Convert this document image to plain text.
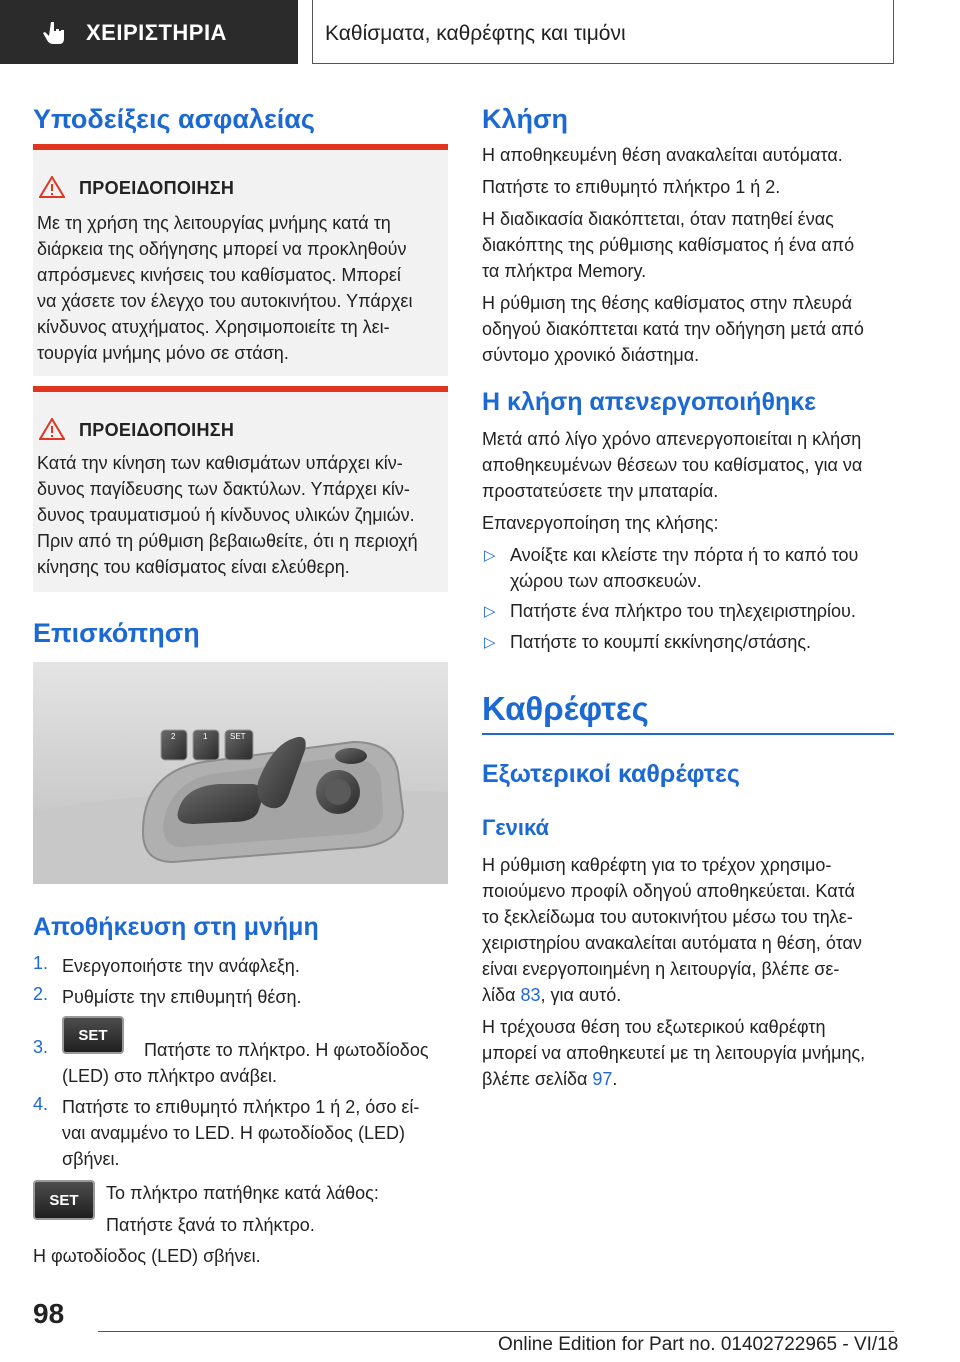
ΧΕΙΡΙΣΤΗΡΙΑ	Καθίσματα, καθρέφτης και τιμόνι
Υποδείξεις ασφαλείας
ΠΡΟΕΙΔΟΠΟΙΗΣΗ
Με τη χρήση της λειτουργίας μνήμης κατά τη
διάρκεια της οδήγησης μπορεί να προκληθούν
απρόσμενες κινήσεις του καθίσματος. Μπορεί
να χάσετε τον έλεγχο του αυτοκινήτου. Υπάρχει
κίνδυνος ατυχήματος. Χρησιμοποιείτε τη λει-
τουργία μνήμης μόνο σε στάση.
ΠΡΟΕΙΔΟΠΟΙΗΣΗ
Κατά την κίνηση των καθισμάτων υπάρχει κίν-
δυνος παγίδευσης των δακτύλων. Υπάρχει κίν-
δυνος τραυματισμού ή κίνδυνος υλικών ζημιών.
Πριν από τη ρύθμιση βεβαιωθείτε, ότι η περιοχή
κίνησης του καθίσματος είναι ελεύθερη.
Επισκόπηση
2	1	SET
Αποθήκευση στη μνήμη
1. Ενεργοποιήστε την ανάφλεξη.

2. Ρυθμίστε την επιθυμητή θέση.

3.
SET

Πατήστε το πλήκτρο. Η φωτοδίοδος

(LED) στο πλήκτρο ανάβει.

4. Πατήστε το επιθυμητό πλήκτρο 1 ή 2, όσο εί-

ναι αναμμένο το LED. Η φωτοδίοδος (LED)

σβήνει.

SET Το πλήκτρο πατήθηκε κατά λάθος:

Πατήστε ξανά το πλήκτρο.

Η φωτοδίοδος (LED) σβήνει.

Κλήση

Η αποθηκευμένη θέση ανακαλείται αυτόματα.

Πατήστε το επιθυμητό πλήκτρο 1 ή 2.

Η διαδικασία διακόπτεται, όταν πατηθεί ένας

διακόπτης της ρύθμισης καθίσματος ή ένα από

τα πλήκτρα Memory.

Η ρύθμιση της θέσης καθίσματος στην πλευρά

οδηγού διακόπτεται κατά την οδήγηση μετά από

σύντομο χρονικό διάστημα.

Η κλήση απενεργοποιήθηκε

Μετά από λίγο χρόνο απενεργοποιείται η κλήση

αποθηκευμένων θέσεων του καθίσματος, για να

προστατεύσετε την μπαταρία.

Επανεργοποίηση της κλήσης:

▷ Ανοίξτε και κλείστε την πόρτα ή το καπό του

χώρου των αποσκευών.

▷ Πατήστε ένα πλήκτρο του τηλεχειριστηρίου.

▷ Πατήστε το κουμπί εκκίνησης/στάσης.

Καθρέφτες
Εξωτερικοί καθρέφτες
Γενικά

Η ρύθμιση καθρέφτη για το τρέχον χρησιμο-

ποιούμενο προφίλ οδηγού αποθηκεύεται. Κατά

το ξεκλείδωμα του αυτοκινήτου μέσω του τηλε-

χειριστηρίου ανακαλείται αυτόματα η θέση, όταν

είναι ενεργοποιημένη η λειτουργία, βλέπε σε-

λίδα 83, για αυτό.

Η τρέχουσα θέση του εξωτερικού καθρέφτη

μπορεί να αποθηκευτεί με τη λειτουργία μνήμης,

βλέπε σελίδα 97.

98
Online Edition for Part no. 01402722965 - VI/18
